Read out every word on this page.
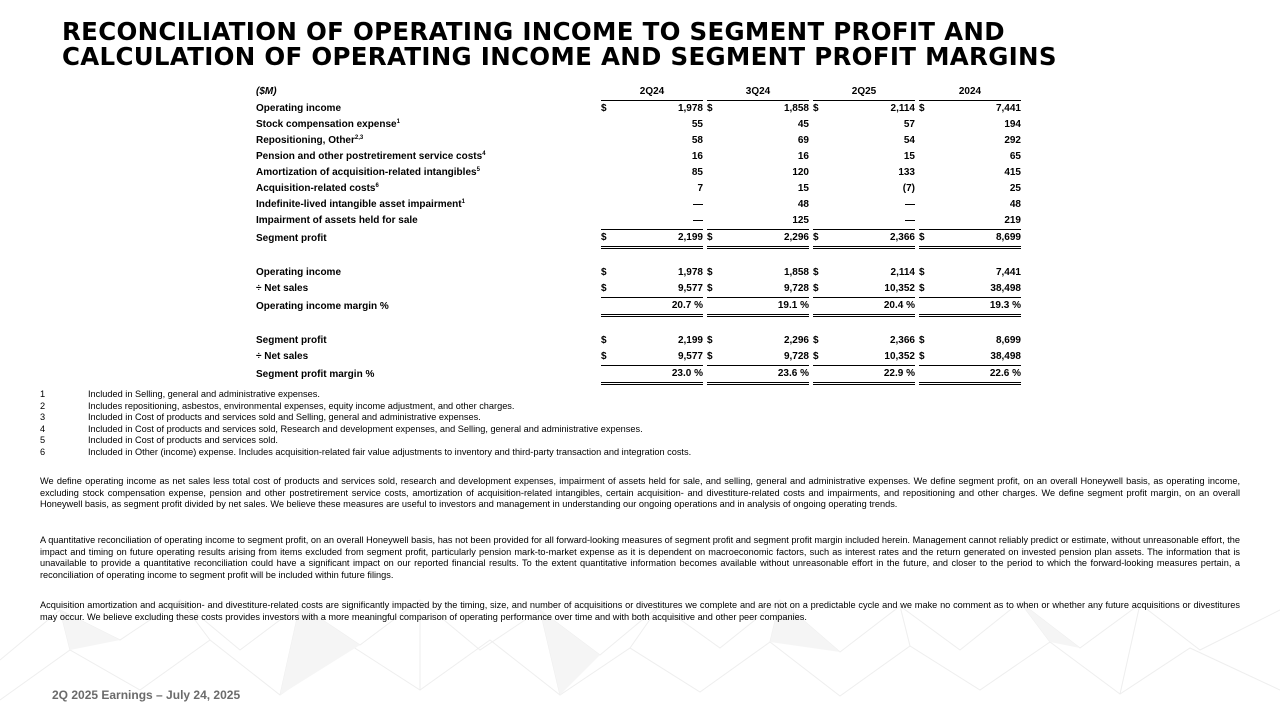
RECONCILIATION OF OPERATING INCOME TO SEGMENT PROFIT AND
CALCULATION OF OPERATING INCOME AND SEGMENT PROFIT MARGINS
($M)	2Q24			3Q24			2Q25			2024	
Operating income	$	1,978		$	1,858		$	2,114		$	7,441
Stock compensation expense$^1$		55			45			57			194
Repositioning, Other$^{2,3}$		58			69			54			292
Pension and other postretirement service costs$^4$		16			16			15			65
Amortization of acquisition-related intangibles$^5$		85			120			133			415
Acquisition-related costs$^6$		7			15			(7)			25
Indefinite-lived intangible asset impairment$^1$		—			48			—			48
Impairment of assets held for sale		—			125			—			219
Segment profit	$	2,199		$	2,296		$	2,366		$	8,699

Operating income	$	1,978		$	1,858		$	2,114		$	7,441
÷ Net sales	$	9,577		$	9,728		$	10,352		$	38,498
Operating income margin %		20.7 %			19.1 %			20.4 %			19.3 %

Segment profit	$	2,199		$	2,296		$	2,366		$	8,699
÷ Net sales	$	9,577		$	9,728		$	10,352		$	38,498
Segment profit margin %		23.0 %			23.6 %			22.9 %			22.6 %
1	Included in Selling, general and administrative expenses.
2	Includes repositioning, asbestos, environmental expenses, equity income adjustment, and other charges.
3	Included in Cost of products and services sold and Selling, general and administrative expenses.
4	Included in Cost of products and services sold, Research and development expenses, and Selling, general and administrative expenses.
5	Included in Cost of products and services sold.
6	Included in Other (income) expense. Includes acquisition-related fair value adjustments to inventory and third-party transaction and integration costs.

We define operating income as net sales less total cost of products and services sold, research and development expenses, impairment of assets held for sale, and selling, general and administrative expenses. We define segment profit, on an overall Honeywell basis, as operating income, excluding stock compensation expense, pension and other postretirement service costs, amortization of acquisition-related intangibles, certain acquisition- and divestiture-related costs and impairments, and repositioning and other charges. We define segment profit margin, on an overall Honeywell basis, as segment profit divided by net sales. We believe these measures are useful to investors and management in understanding our ongoing operations and in analysis of ongoing operating trends.

A quantitative reconciliation of operating income to segment profit, on an overall Honeywell basis, has not been provided for all forward-looking measures of segment profit and segment profit margin included herein. Management cannot reliably predict or estimate, without unreasonable effort, the impact and timing on future operating results arising from items excluded from segment profit, particularly pension mark-to-market expense as it is dependent on macroeconomic factors, such as interest rates and the return generated on invested pension plan assets. The information that is unavailable to provide a quantitative reconciliation could have a significant impact on our reported financial results. To the extent quantitative information becomes available without unreasonable effort in the future, and closer to the period to which the forward-looking measures pertain, a reconciliation of operating income to segment profit will be included within future filings.

Acquisition amortization and acquisition- and divestiture-related costs are significantly impacted by the timing, size, and number of acquisitions or divestitures we complete and are not on a predictable cycle and we make no comment as to when or whether any future acquisitions or divestitures may occur. We believe excluding these costs provides investors with a more meaningful comparison of operating performance over time and with both acquisitive and other peer companies.

2Q 2025 Earnings – July 24, 2025
